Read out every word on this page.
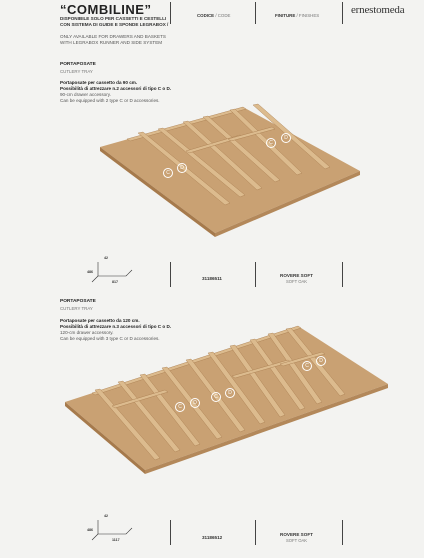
“COMBILINE”
DISPONIBILE SOLO PER CASSETTI E CESTELLI CON SISTEMA DI GUIDE E SPONDE LEGRABOX /
ONLY AVAILABLE FOR DRAWERS AND BASKETS WITH LEGRABOX RUNNER AND SIDE SYSTEM
CODICE / CODE	FINITURE / FINISHES	ernestomeda
PORTAPOSATE
CUTLERY TRAY
Portaposate per cassetto da 90 cm.
Possibilità di attrezzare n.2 accessori di tipo C o D.
90-cm drawer accessory.
Can be equipped with 2 type C or D accessories.
C
D
C
D
42
486
817
31186511
ROVERE SOFT
SOFT OAK
PORTAPOSATE
CUTLERY TRAY
Portaposate per cassetto da 120 cm.
Possibilità di attrezzare n.3 accessori di tipo C o D.
120-cm drawer accessory.
Can be equipped with 3 type C or D accessories.
C
D
C
D
C
D
42
486
1117	31186512
ROVERE SOFT
SOFT OAK
